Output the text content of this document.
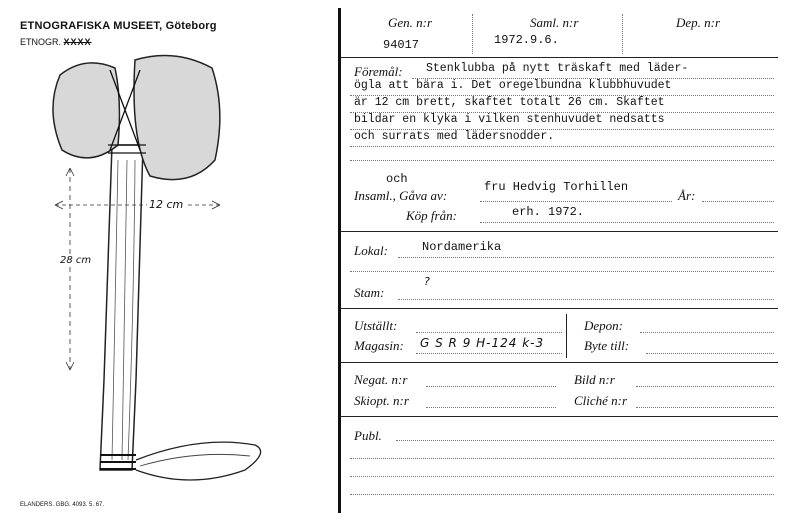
ETNOGRAFISKA MUSEET, Göteborg
ETNOGR. XXXX
12 cm
28 cm
ELANDERS. GBG. 4093. 5. 67.
Gen. n:r
94017
Saml. n:r
1972.9.6.
Dep. n:r
Föremål: Stenklubba på nytt träskaft med läder-
ögla att bära i. Det oregelbundna klubbhuvudet
är 12 cm brett, skaftet totalt 26 cm. Skaftet
bildar en klyka i vilken stenhuvudet nedsatts
och surrats med lädersnodder.
och
Insaml., Gåva av:
fru Hedvig Torhillen
År:
Köp från:	erh. 1972.
Lokal:	Nordamerika
?
Stam:
Utställt:
Magasin: G S R 9 H-124 k-3
Depon:
Byte till:
Negat. n:r	Bild n:r
Skiopt. n:r	Cliché n:r
Publ.
